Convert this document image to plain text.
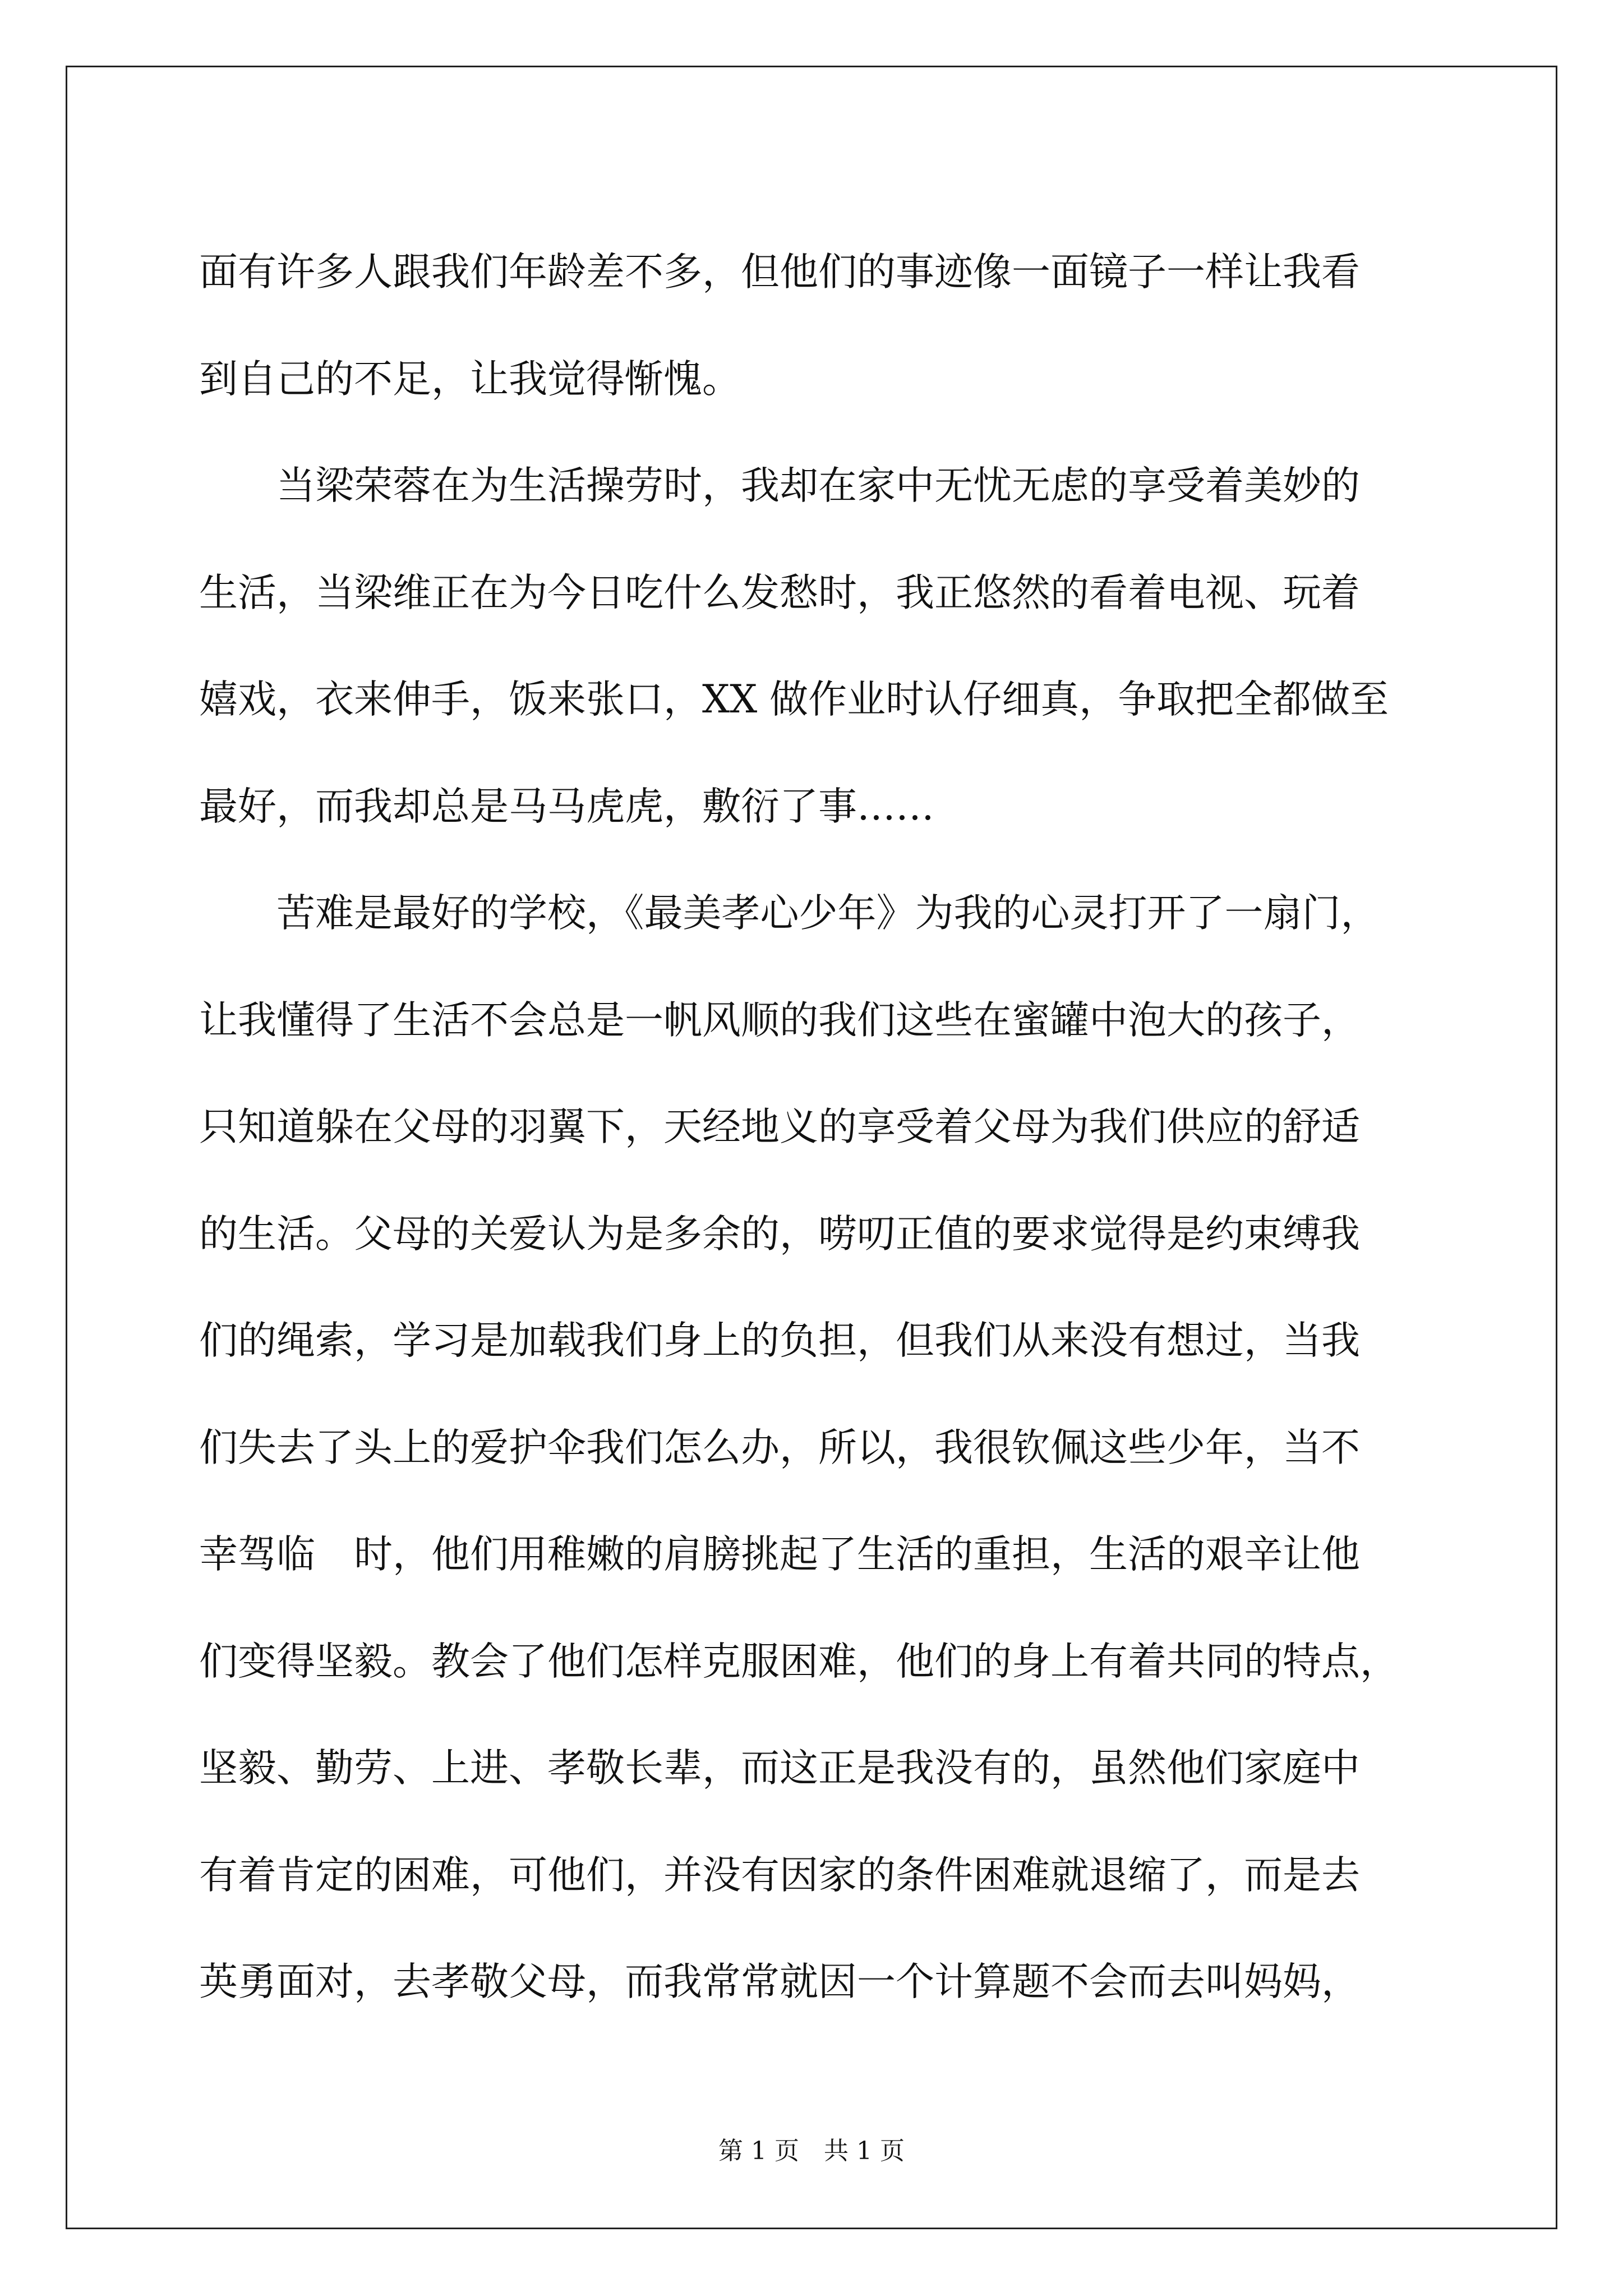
面有许多人跟我们年龄差不多，但他们的事迹像一面镜子一样让我看
到自己的不足，让我觉得惭愧。
　　当梁荣蓉在为生活操劳时，我却在家中无忧无虑的享受着美妙的
生活，当梁维正在为今日吃什么发愁时，我正悠然的看着电视、玩着
嬉戏，衣来伸手，饭来张口，XX 做作业时认仔细真，争取把全都做至
最好，而我却总是马马虎虎，敷衍了事……
　　苦难是最好的学校，《最美孝心少年》为我的心灵打开了一扇门，
让我懂得了生活不会总是一帆风顺的我们这些在蜜罐中泡大的孩子，
只知道躲在父母的羽翼下，天经地义的享受着父母为我们供应的舒适
的生活。父母的关爱认为是多余的，唠叨正值的要求觉得是约束缚我
们的绳索，学习是加载我们身上的负担，但我们从来没有想过，当我
们失去了头上的爱护伞我们怎么办，所以，我很钦佩这些少年，当不
幸驾临　时，他们用稚嫩的肩膀挑起了生活的重担，生活的艰辛让他
们变得坚毅。教会了他们怎样克服困难，他们的身上有着共同的特点，
坚毅、勤劳、上进、孝敬长辈，而这正是我没有的，虽然他们家庭中
有着肯定的困难，可他们，并没有因家的条件困难就退缩了，而是去
英勇面对，去孝敬父母，而我常常就因一个计算题不会而去叫妈妈，
第 1 页　共 1 页
